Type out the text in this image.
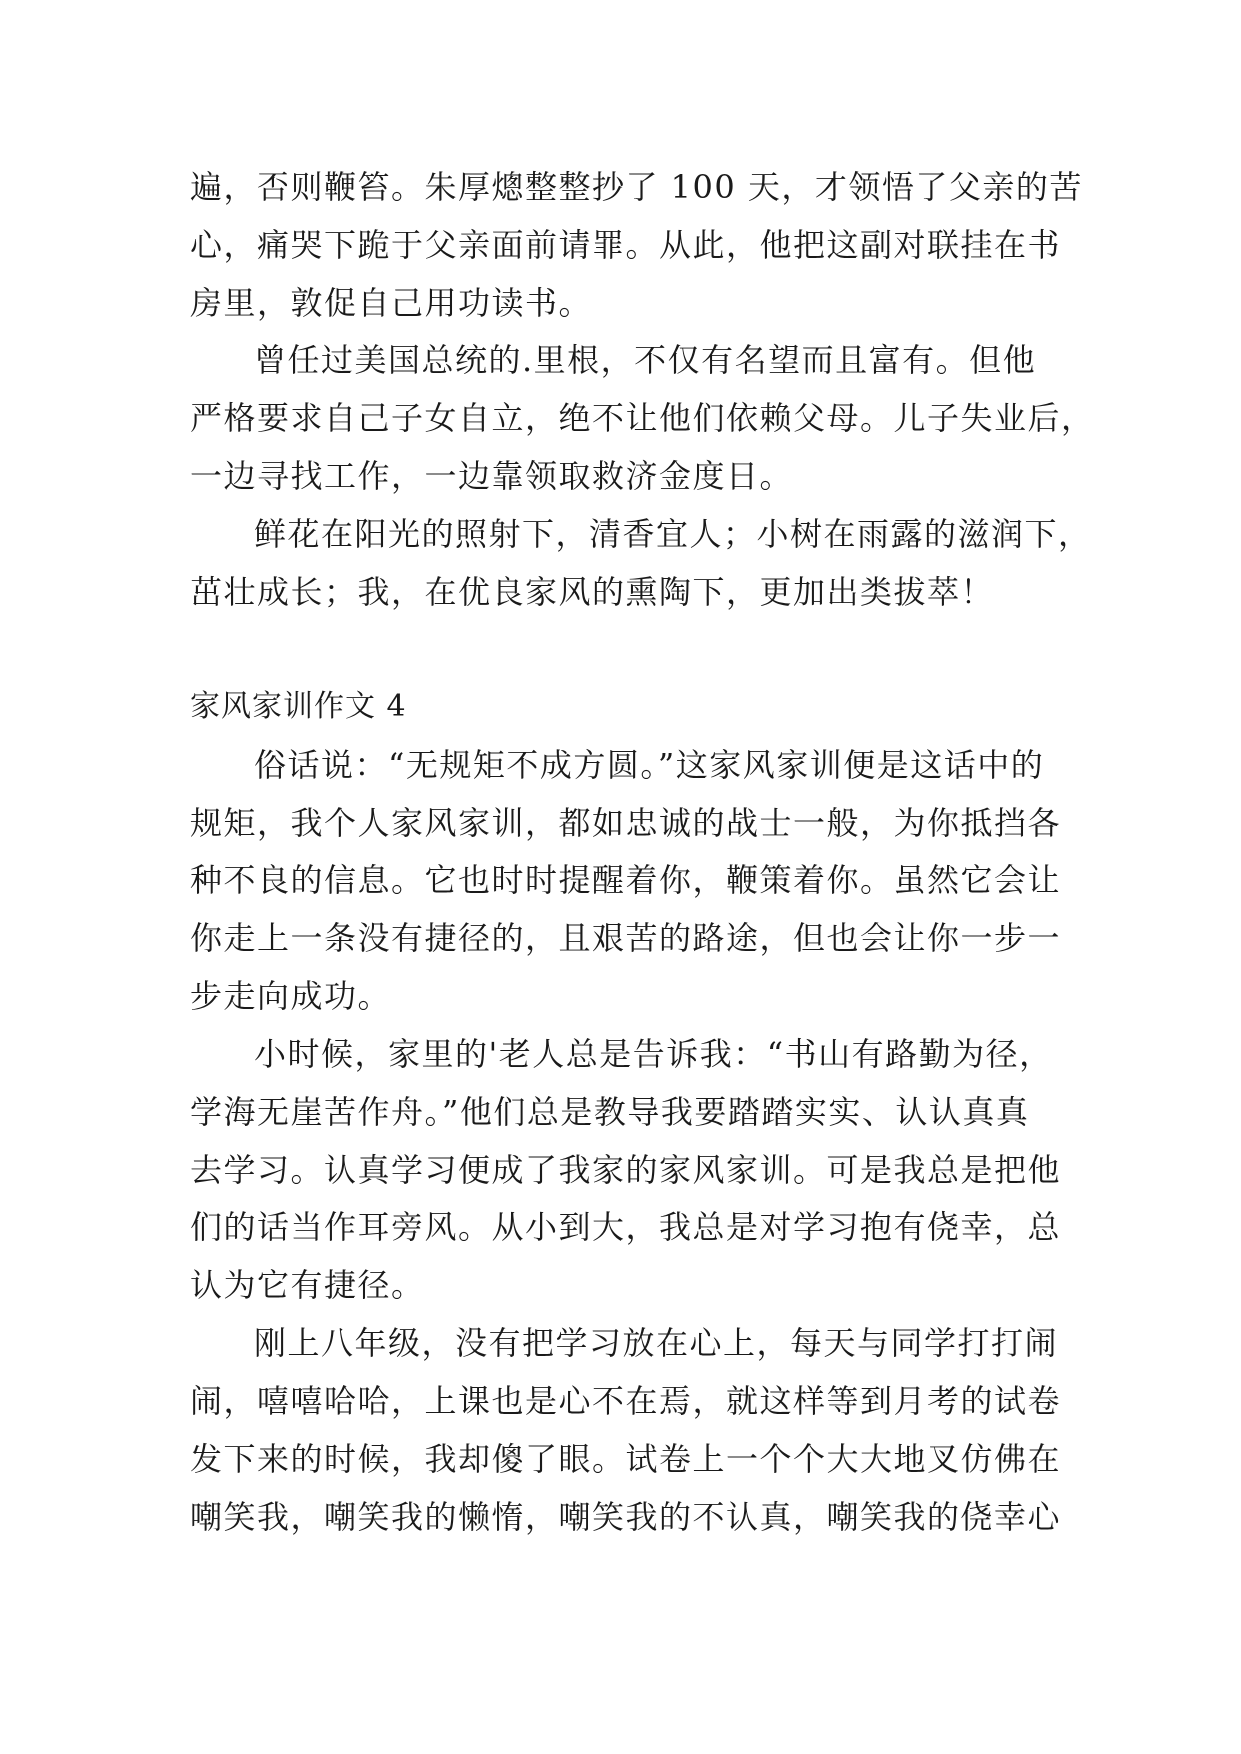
遍，否则鞭笞。朱厚熜整整抄了 100 天，才领悟了父亲的苦
心，痛哭下跪于父亲面前请罪。从此，他把这副对联挂在书
房里，敦促自己用功读书。
曾任过美国总统的.里根，不仅有名望而且富有。但他
严格要求自己子女自立，绝不让他们依赖父母。儿子失业后，
一边寻找工作，一边靠领取救济金度日。
鲜花在阳光的照射下，清香宜人；小树在雨露的滋润下，
茁壮成长；我，在优良家风的熏陶下，更加出类拔萃！
家风家训作文 4
俗话说：“无规矩不成方圆。”这家风家训便是这话中的
规矩，我个人家风家训，都如忠诚的战士一般，为你抵挡各
种不良的信息。它也时时提醒着你，鞭策着你。虽然它会让
你走上一条没有捷径的，且艰苦的路途，但也会让你一步一
步走向成功。
小时候，家里的'老人总是告诉我：“书山有路勤为径，
学海无崖苦作舟。”他们总是教导我要踏踏实实、认认真真
去学习。认真学习便成了我家的家风家训。可是我总是把他
们的话当作耳旁风。从小到大，我总是对学习抱有侥幸，总
认为它有捷径。
刚上八年级，没有把学习放在心上，每天与同学打打闹
闹，嘻嘻哈哈，上课也是心不在焉，就这样等到月考的试卷
发下来的时候，我却傻了眼。试卷上一个个大大地叉仿佛在
嘲笑我，嘲笑我的懒惰，嘲笑我的不认真，嘲笑我的侥幸心
